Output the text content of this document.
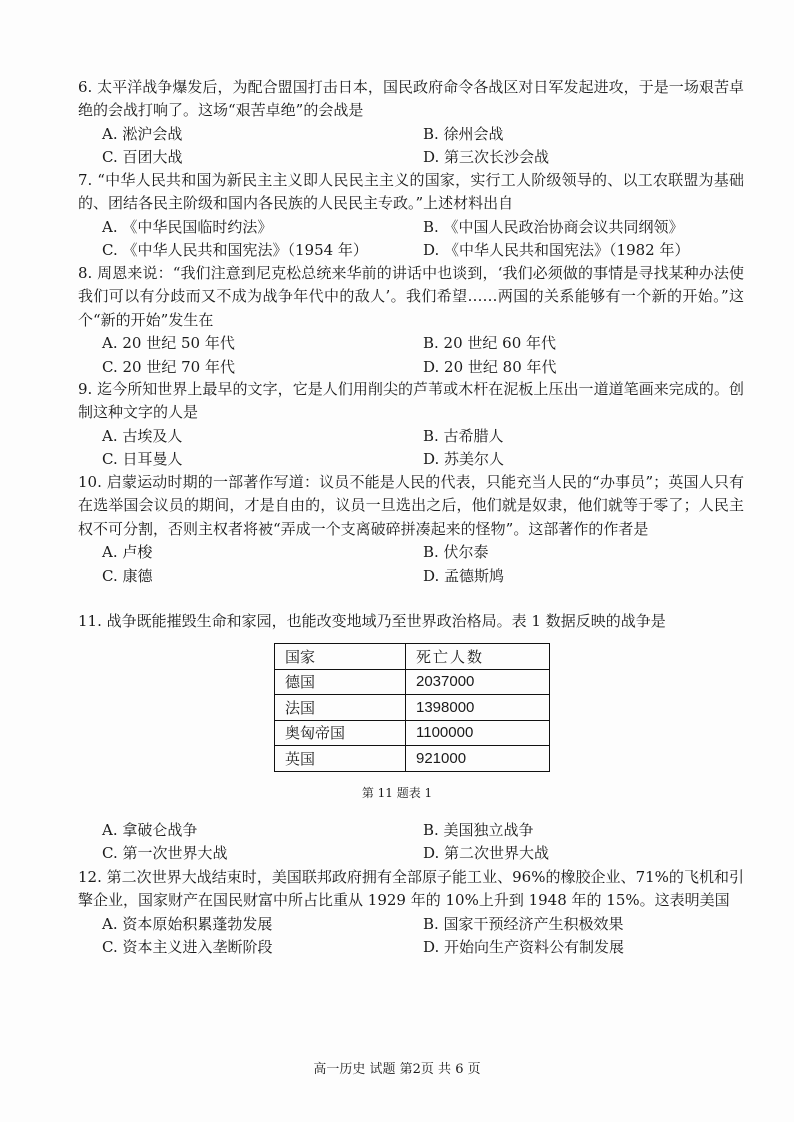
6. 太平洋战争爆发后，为配合盟国打击日本，国民政府命令各战区对日军发起进攻，于是一场艰苦卓绝的会战打响了。这场“艰苦卓绝”的会战是

A. 淞沪会战	B. 徐州会战
C. 百团大战	D. 第三次长沙会战

7. “中华人民共和国为新民主主义即人民民主主义的国家，实行工人阶级领导的、以工农联盟为基础的、团结各民主阶级和国内各民族的人民民主专政。”上述材料出自

A. 《中华民国临时约法》	B. 《中国人民政治协商会议共同纲领》
C. 《中华人民共和国宪法》（1954 年）	D. 《中华人民共和国宪法》（1982 年）

8. 周恩来说：“我们注意到尼克松总统来华前的讲话中也谈到，‘我们必须做的事情是寻找某种办法使我们可以有分歧而又不成为战争年代中的敌人’。我们希望……两国的关系能够有一个新的开始。”这个“新的开始”发生在

A. 20 世纪 50 年代	B. 20 世纪 60 年代
C. 20 世纪 70 年代	D. 20 世纪 80 年代

9. 迄今所知世界上最早的文字，它是人们用削尖的芦苇或木杆在泥板上压出一道道笔画来完成的。创制这种文字的人是

A. 古埃及人	B. 古希腊人
C. 日耳曼人	D. 苏美尔人

10. 启蒙运动时期的一部著作写道：议员不能是人民的代表，只能充当人民的“办事员”；英国人只有在选举国会议员的期间，才是自由的，议员一旦选出之后，他们就是奴隶，他们就等于零了；人民主权不可分割，否则主权者将被“弄成一个支离破碎拼凑起来的怪物”。这部著作的作者是

A. 卢梭	B. 伏尔泰
C. 康德	D. 孟德斯鸠

11. 战争既能摧毁生命和家园，也能改变地域乃至世界政治格局。表 1 数据反映的战争是

国家	死亡人数
德国	2037000
法国	1398000
奥匈帝国	1100000
英国	921000
第 11 题表 1
A. 拿破仑战争	B. 美国独立战争
C. 第一次世界大战	D. 第二次世界大战

12. 第二次世界大战结束时，美国联邦政府拥有全部原子能工业、96%的橡胶企业、71%的飞机和引擎企业，国家财产在国民财富中所占比重从 1929 年的 10%上升到 1948 年的 15%。这表明美国

A. 资本原始积累蓬勃发展	B. 国家干预经济产生积极效果
C. 资本主义进入垄断阶段	D. 开始向生产资料公有制发展
高一历史 试题 第2页 共 6 页
